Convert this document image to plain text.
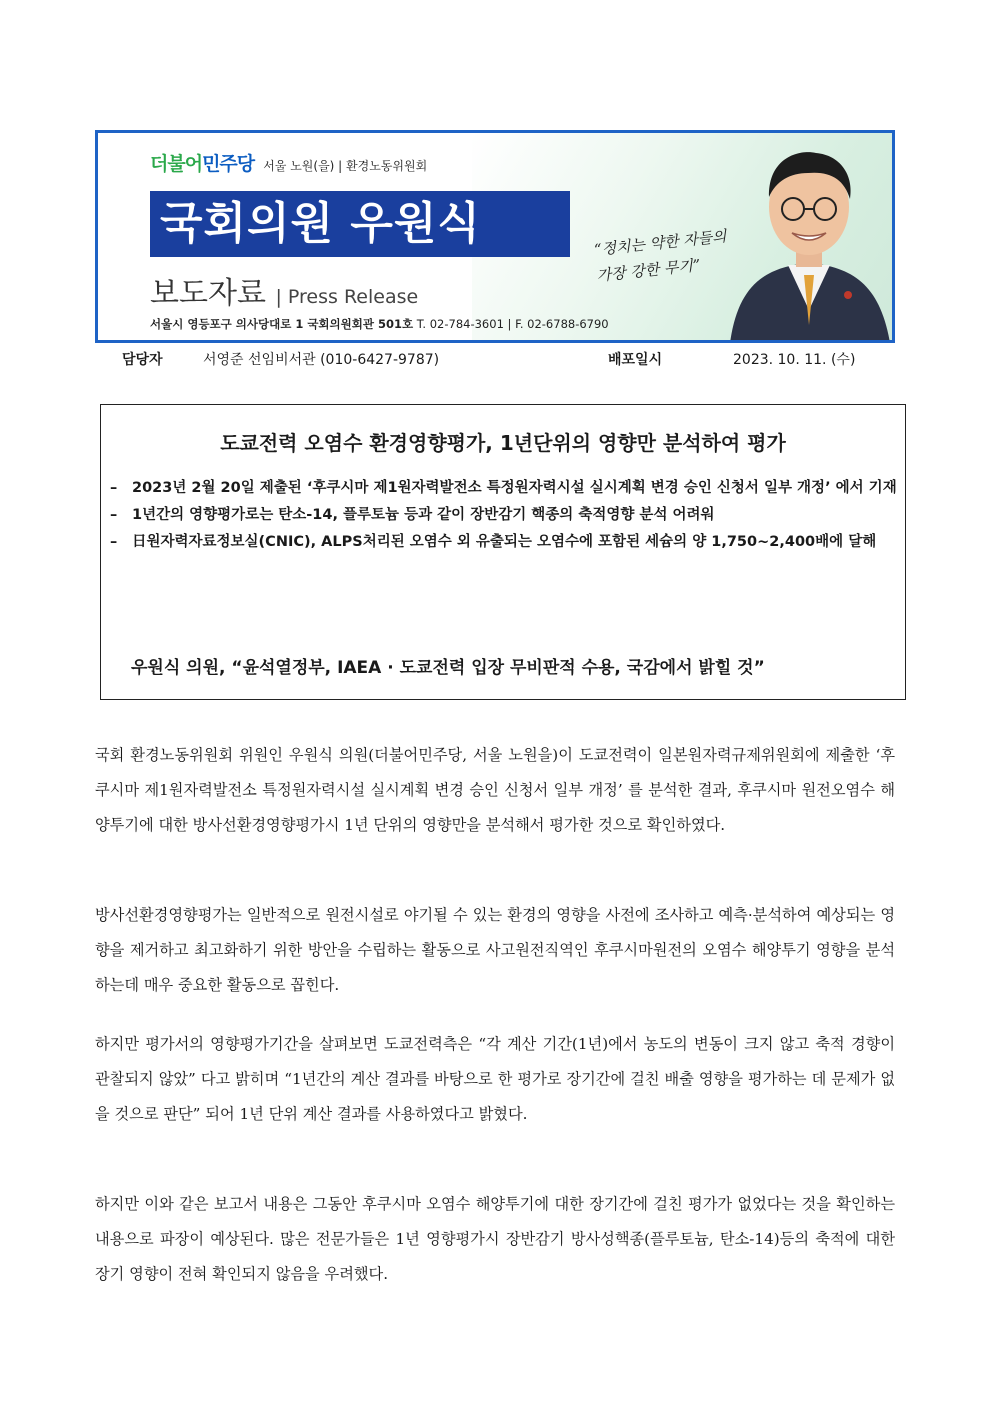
더불어민주당 서울 노원(을) | 환경노동위원회
국회의원 우원식
보도자료 | Press Release
서울시 영등포구 의사당대로 1 국회의원회관 501호 T. 02-784-3601 | F. 02-6788-6790
“정치는 약한 자들의
가장 강한 무기”
담당자	서영준 선임비서관 (010-6427-9787)	배포일시	2023. 10. 11. (수)
도쿄전력 오염수 환경영향평가, 1년단위의 영향만 분석하여 평가
–	2023년 2월 20일 제출된 ‘후쿠시마 제1원자력발전소 특정원자력시설 실시계획 변경 승인 신청서 일부 개정’ 에서 기재
–	1년간의 영향평가로는 탄소-14, 플루토늄 등과 같이 장반감기 핵종의 축적영향 분석 어려워
–	日원자력자료정보실(CNIC), ALPS처리된 오염수 외 유출되는 오염수에 포함된 세슘의 양 1,750~2,400배에 달해
우원식 의원, “윤석열정부, IAEA · 도쿄전력 입장 무비판적 수용, 국감에서 밝힐 것”
국회 환경노동위원회 위원인 우원식 의원(더불어민주당, 서울 노원을)이 도쿄전력이 일본원자력규제위원회에 제출한 ‘후쿠시마 제1원자력발전소 특정원자력시설 실시계획 변경 승인 신청서 일부 개정’ 를 분석한 결과, 후쿠시마 원전오염수 해양투기에 대한 방사선환경영향평가시 1년 단위의 영향만을 분석해서 평가한 것으로 확인하였다.
방사선환경영향평가는 일반적으로 원전시설로 야기될 수 있는 환경의 영향을 사전에 조사하고 예측·분석하여 예상되는 영향을 제거하고 최고화하기 위한 방안을 수립하는 활동으로 사고원전직역인 후쿠시마원전의 오염수 해양투기 영향을 분석하는데 매우 중요한 활동으로 꼽힌다.
하지만 평가서의 영향평가기간을 살펴보면 도쿄전력측은 “각 계산 기간(1년)에서 농도의 변동이 크지 않고 축적 경향이 관찰되지 않았” 다고 밝히며 “1년간의 계산 결과를 바탕으로 한 평가로 장기간에 걸친 배출 영향을 평가하는 데 문제가 없을 것으로 판단” 되어 1년 단위 계산 결과를 사용하였다고 밝혔다.
하지만 이와 같은 보고서 내용은 그동안 후쿠시마 오염수 해양투기에 대한 장기간에 걸친 평가가 없었다는 것을 확인하는 내용으로 파장이 예상된다. 많은 전문가들은 1년 영향평가시 장반감기 방사성핵종(플루토늄, 탄소-14)등의 축적에 대한 장기 영향이 전혀 확인되지 않음을 우려했다.
